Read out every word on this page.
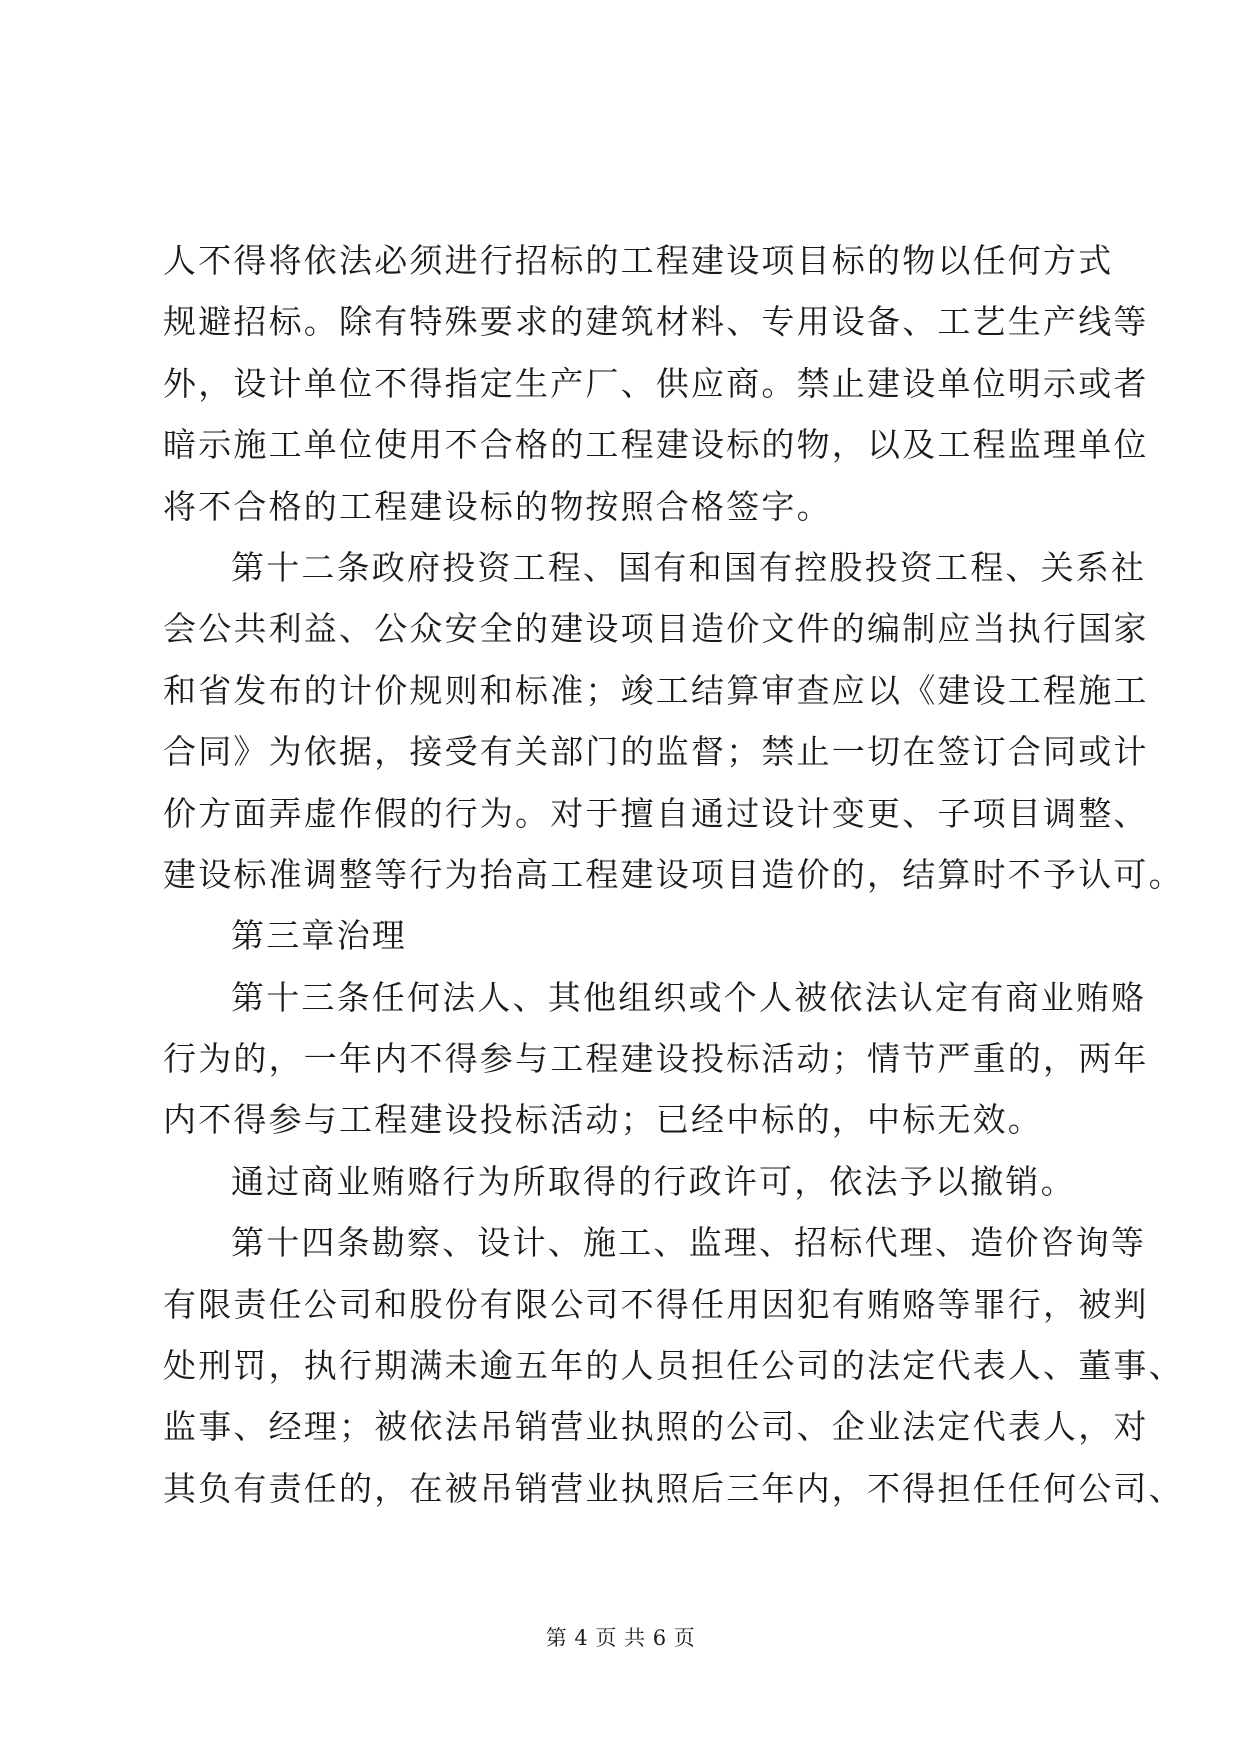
人不得将依法必须进行招标的工程建设项目标的物以任何方式
规避招标。除有特殊要求的建筑材料、专用设备、工艺生产线等
外，设计单位不得指定生产厂、供应商。禁止建设单位明示或者
暗示施工单位使用不合格的工程建设标的物，以及工程监理单位
将不合格的工程建设标的物按照合格签字。
第十二条政府投资工程、国有和国有控股投资工程、关系社
会公共利益、公众安全的建设项目造价文件的编制应当执行国家
和省发布的计价规则和标准；竣工结算审查应以《建设工程施工
合同》为依据，接受有关部门的监督；禁止一切在签订合同或计
价方面弄虚作假的行为。对于擅自通过设计变更、子项目调整、
建设标准调整等行为抬高工程建设项目造价的，结算时不予认可。
第三章治理
第十三条任何法人、其他组织或个人被依法认定有商业贿赂
行为的，一年内不得参与工程建设投标活动；情节严重的，两年
内不得参与工程建设投标活动；已经中标的，中标无效。
通过商业贿赂行为所取得的行政许可，依法予以撤销。
第十四条勘察、设计、施工、监理、招标代理、造价咨询等
有限责任公司和股份有限公司不得任用因犯有贿赂等罪行，被判
处刑罚，执行期满未逾五年的人员担任公司的法定代表人、董事、
监事、经理；被依法吊销营业执照的公司、企业法定代表人，对
其负有责任的，在被吊销营业执照后三年内，不得担任任何公司、
第 4 页 共 6 页
